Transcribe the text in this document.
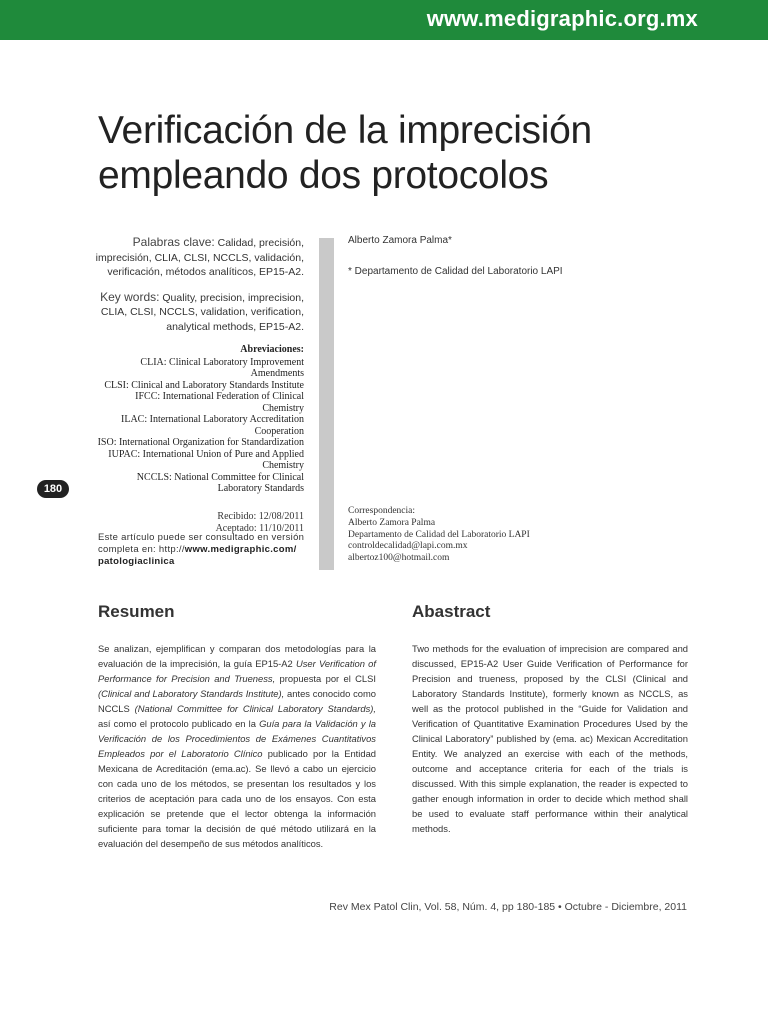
www.medigraphic.org.mx
Verificación de la imprecisión
empleando dos protocolos

Palabras clave: Calidad, precisión, imprecisión, CLIA, CLSI, NCCLS, validación, verificación, métodos analíticos, EP15-A2.

Key words: Quality, precision, imprecision, CLIA, CLSI, NCCLS, validation, verification, analytical methods, EP15-A2.

Abreviaciones:
CLIA: Clinical Laboratory Improvement Amendments
CLSI: Clinical and Laboratory Standards Institute
IFCC: International Federation of Clinical Chemistry
ILAC: International Laboratory Accreditation Cooperation
ISO: International Organization for Standardization
IUPAC: International Union of Pure and Applied Chemistry
NCCLS: National Committee for Clinical Laboratory Standards
Recibido: 12/08/2011
Aceptado: 11/10/2011
Este artículo puede ser consultado en versión completa en: http://www.medigraphic.com/ patologiaclinica
Alberto Zamora Palma*
* Departamento de Calidad del Laboratorio LAPI
Correspondencia:
Alberto Zamora Palma
Departamento de Calidad del Laboratorio LAPI
controldecalidad@lapi.com.mx
albertoz100@hotmail.com
180
Resumen	Abastract
Se analizan, ejemplifican y comparan dos metodologías para la evaluación de la imprecisión, la guía EP15-A2 User Verification of Performance for Precision and Trueness, propuesta por el CLSI (Clinical and Laboratory Standards Institute), antes conocido como NCCLS (National Committee for Clinical Laboratory Standards), así como el protocolo publicado en la Guía para la Validación y la Verificación de los Procedimientos de Exámenes Cuantitativos Empleados por el Laboratorio Clínico publicado por la Entidad Mexicana de Acreditación (ema.ac). Se llevó a cabo un ejercicio con cada uno de los métodos, se presentan los resultados y los criterios de aceptación para cada uno de los ensayos. Con esta explicación se pretende que el lector obtenga la información suficiente para tomar la decisión de qué método utilizará en la evaluación del desempeño de sus métodos analíticos.
Two methods for the evaluation of imprecision are compared and discussed, EP15-A2 User Guide Verification of Performance for Precision and trueness, proposed by the CLSI (Clinical and Laboratory Standards Institute), formerly known as NCCLS, as well as the protocol published in the “Guide for Validation and Verification of Quantitative Examination Procedures Used by the Clinical Laboratory” published by (ema. ac) Mexican Accreditation Entity. We analyzed an exercise with each of the methods, outcome and acceptance criteria for each of the trials is discussed. With this simple explanation, the reader is expected to gather enough information in order to decide which method shall be used to evaluate staff performance within their analytical methods.
Rev Mex Patol Clin, Vol. 58, Núm. 4, pp 180-185 • Octubre - Diciembre, 2011
